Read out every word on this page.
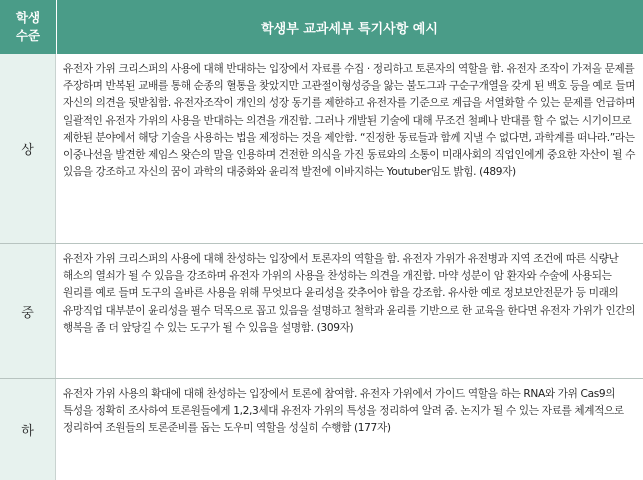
학생
수준	학생부 교과세부 특기사항 예시
상
유전자 가위 크리스퍼의 사용에 대해 반대하는 입장에서 자료를 수집 · 정리하고 토론자의 역할을 함. 유전자 조작이 가져올 문제를 주장하며 반복된 교배를 통해 순종의 혈통을 찾았지만 고관절이형성증을 앓는 불도그과 구순구개열을 갖게 된 백호 등을 예로 들며 자신의 의견을 뒷받침함. 유전자조작이 개인의 성장 동기를 제한하고 유전자를 기준으로 계급을 서열화할 수 있는 문제를 언급하며 일괄적인 유전자 가위의 사용을 반대하는 의견을 개진함. 그러나 개발된 기술에 대해 무조건 철폐나 반대를 할 수 없는 시기이므로 제한된 분야에서 해당 기술을 사용하는 법을 제정하는 것을 제안함. “진정한 동료들과 함께 지낼 수 없다면, 과학계를 떠나라.”라는 이중나선을 발견한 제임스 왓슨의 말을 인용하며 건전한 의식을 가진 동료와의 소통이 미래사회의 직업인에게 중요한 자산이 될 수 있음을 강조하고 자신의 꿈이 과학의 대중화와 윤리적 발전에 이바지하는 Youtuber임도 밝힘. (489자)
중
유전자 가위 크리스퍼의 사용에 대해 찬성하는 입장에서 토론자의 역할을 함. 유전자 가위가 유전병과 지역 조건에 따른 식량난 해소의 열쇠가 될 수 있음을 강조하며 유전자 가위의 사용을 찬성하는 의견을 개진함. 마약 성분이 암 환자와 수술에 사용되는 원리를 예로 들며 도구의 올바른 사용을 위해 무엇보다 윤리성을 갖추어야 함을 강조함. 유사한 예로 정보보안전문가 등 미래의 유망직업 대부분이 윤리성을 필수 덕목으로 꼽고 있음을 설명하고 철학과 윤리를 기반으로 한 교육을 한다면 유전자 가위가 인간의 행복을 좀 더 앞당길 수 있는 도구가 될 수 있음을 설명함. (309자)
하
유전자 가위 사용의 확대에 대해 찬성하는 입장에서 토론에 참여함. 유전자 가위에서 가이드 역할을 하는 RNA와 가위 Cas9의 특성을 정확히 조사하여 토론원들에게 1,2,3세대 유전자 가위의 특성을 정리하여 알려 줌. 논지가 될 수 있는 자료를 체계적으로 정리하여 조원들의 토론준비를 돕는 도우미 역할을 성실히 수행함 (177자)
